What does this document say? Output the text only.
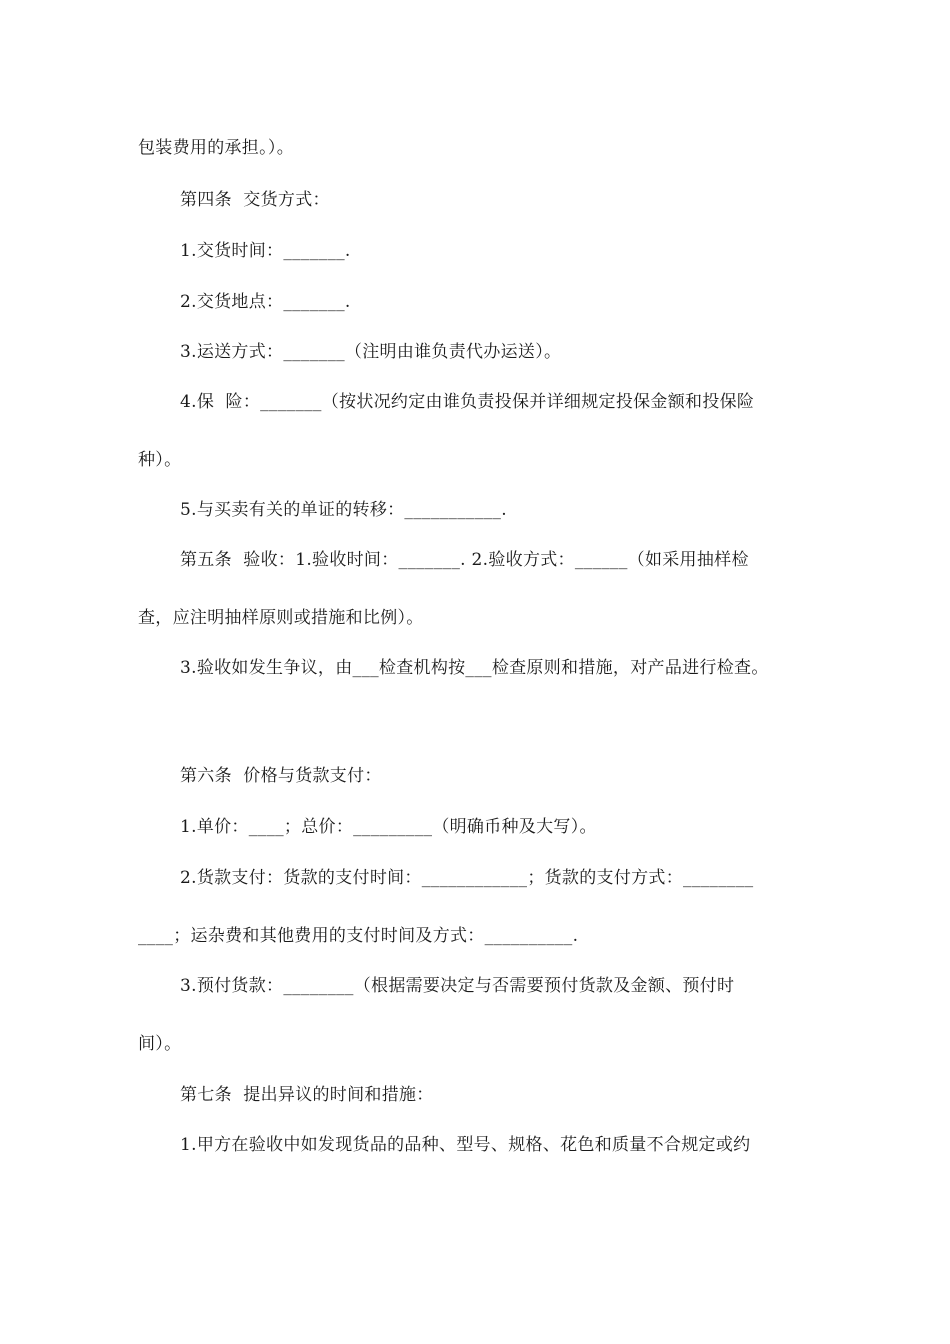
包装费用的承担。）。
第四条  交货方式：
1.交货时间：_______.
2.交货地点：_______.
3.运送方式：_______（注明由谁负责代办运送）。
4.保  险：_______（按状况约定由谁负责投保并详细规定投保金额和投保险
种）。
5.与买卖有关的单证的转移：___________.
第五条  验收：1.验收时间：_______. 2.验收方式：______（如采用抽样检
查，应注明抽样原则或措施和比例）。
3.验收如发生争议，由___检查机构按___检查原则和措施，对产品进行检查。
第六条  价格与货款支付：
1.单价：____；总价：_________（明确币种及大写）。
2.货款支付：货款的支付时间：____________；货款的支付方式：________
____；运杂费和其他费用的支付时间及方式：__________.
3.预付货款：________（根据需要决定与否需要预付货款及金额、预付时
间）。
第七条  提出异议的时间和措施：
1.甲方在验收中如发现货品的品种、型号、规格、花色和质量不合规定或约
